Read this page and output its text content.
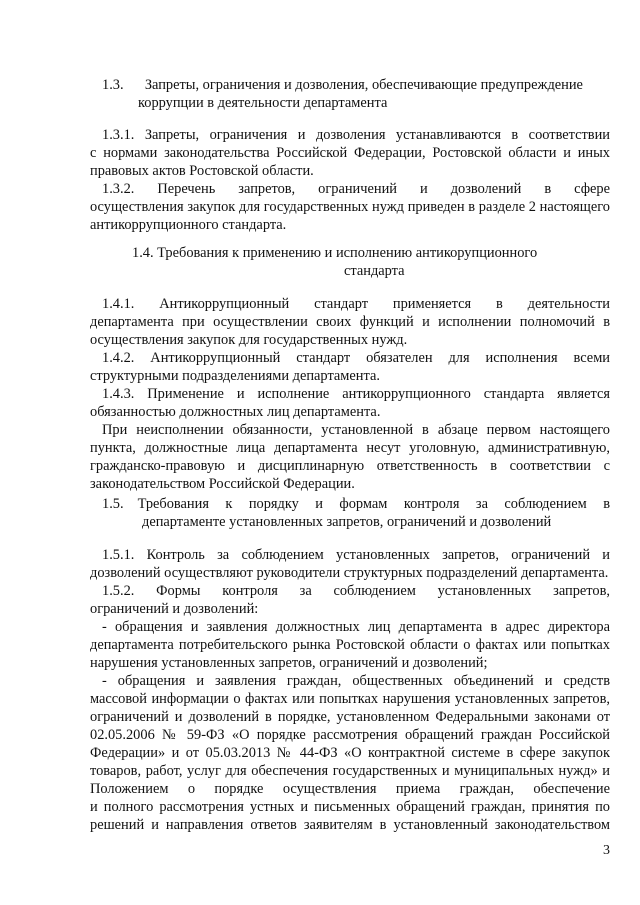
1.3. Запреты, ограничения и дозволения, обеспечивающие предупреждение
коррупции в деятельности департамента
1.3.1. Запреты, ограничения и дозволения устанавливаются в соответствии
с нормами законодательства Российской Федерации, Ростовской области и иных
правовых актов Ростовской области.
1.3.2. Перечень запретов, ограничений и дозволений в сфере
осуществления закупок для государственных нужд приведен в разделе 2 настоящего
антикоррупционного стандарта.
1.4. Требования к применению и исполнению антикорупционного
стандарта
1.4.1. Антикоррупционный стандарт применяется в деятельности
департамента при осуществлении своих функций и исполнении полномочий в
осуществления закупок для государственных нужд.
1.4.2. Антикоррупционный стандарт обязателен для исполнения всеми
структурными подразделениями департамента.
1.4.3. Применение и исполнение антикоррупционного стандарта является
обязанностью должностных лиц департамента.
При неисполнении обязанности, установленной в абзаце первом настоящего
пункта, должностные лица департамента несут уголовную, административную,
гражданско-правовую и дисциплинарную ответственность в соответствии с
законодательством Российской Федерации.
1.5. Требования к порядку и формам контроля за соблюдением в
департаменте установленных запретов, ограничений и дозволений
1.5.1. Контроль за соблюдением установленных запретов, ограничений и
дозволений осуществляют руководители структурных подразделений департамента.
1.5.2. Формы контроля за соблюдением установленных запретов,
ограничений и дозволений:
- обращения и заявления должностных лиц департамента в адрес директора
департамента потребительского рынка Ростовской области о фактах или попытках
нарушения установленных запретов, ограничений и дозволений;
- обращения и заявления граждан, общественных объединений и средств
массовой информации о фактах или попытках нарушения установленных запретов,
ограничений и дозволений в порядке, установленном Федеральными законами от
02.05.2006 № 59-ФЗ «О порядке рассмотрения обращений граждан Российской
Федерации» и от 05.03.2013 № 44-ФЗ «О контрактной системе в сфере закупок
товаров, работ, услуг для обеспечения государственных и муниципальных нужд» и
Положением о порядке осуществления приема граждан, обеспечение
и полного рассмотрения устных и письменных обращений граждан, принятия по
решений и направления ответов заявителям в установленный законодательством
3
